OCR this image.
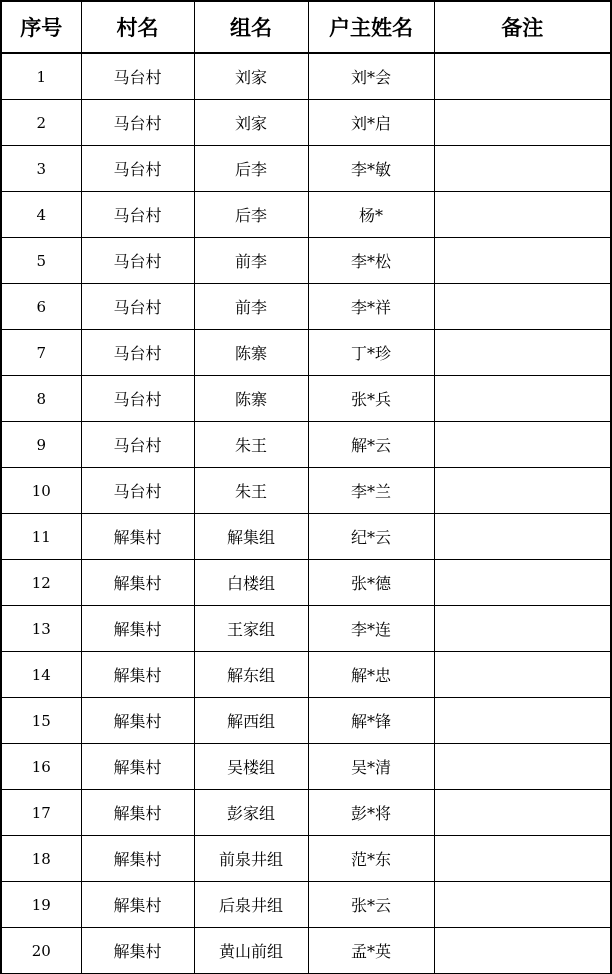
序号	村名	组名	户主姓名	备注
1	马台村	刘家	刘*会	
2	马台村	刘家	刘*启	
3	马台村	后李	李*敏	
4	马台村	后李	杨*	
5	马台村	前李	李*松	
6	马台村	前李	李*祥	
7	马台村	陈寨	丁*珍	
8	马台村	陈寨	张*兵	
9	马台村	朱王	解*云	
10	马台村	朱王	李*兰	
11	解集村	解集组	纪*云	
12	解集村	白楼组	张*德	
13	解集村	王家组	李*连	
14	解集村	解东组	解*忠	
15	解集村	解西组	解*锋	
16	解集村	吴楼组	吴*清	
17	解集村	彭家组	彭*将	
18	解集村	前泉井组	范*东	
19	解集村	后泉井组	张*云	
20	解集村	黄山前组	孟*英	
